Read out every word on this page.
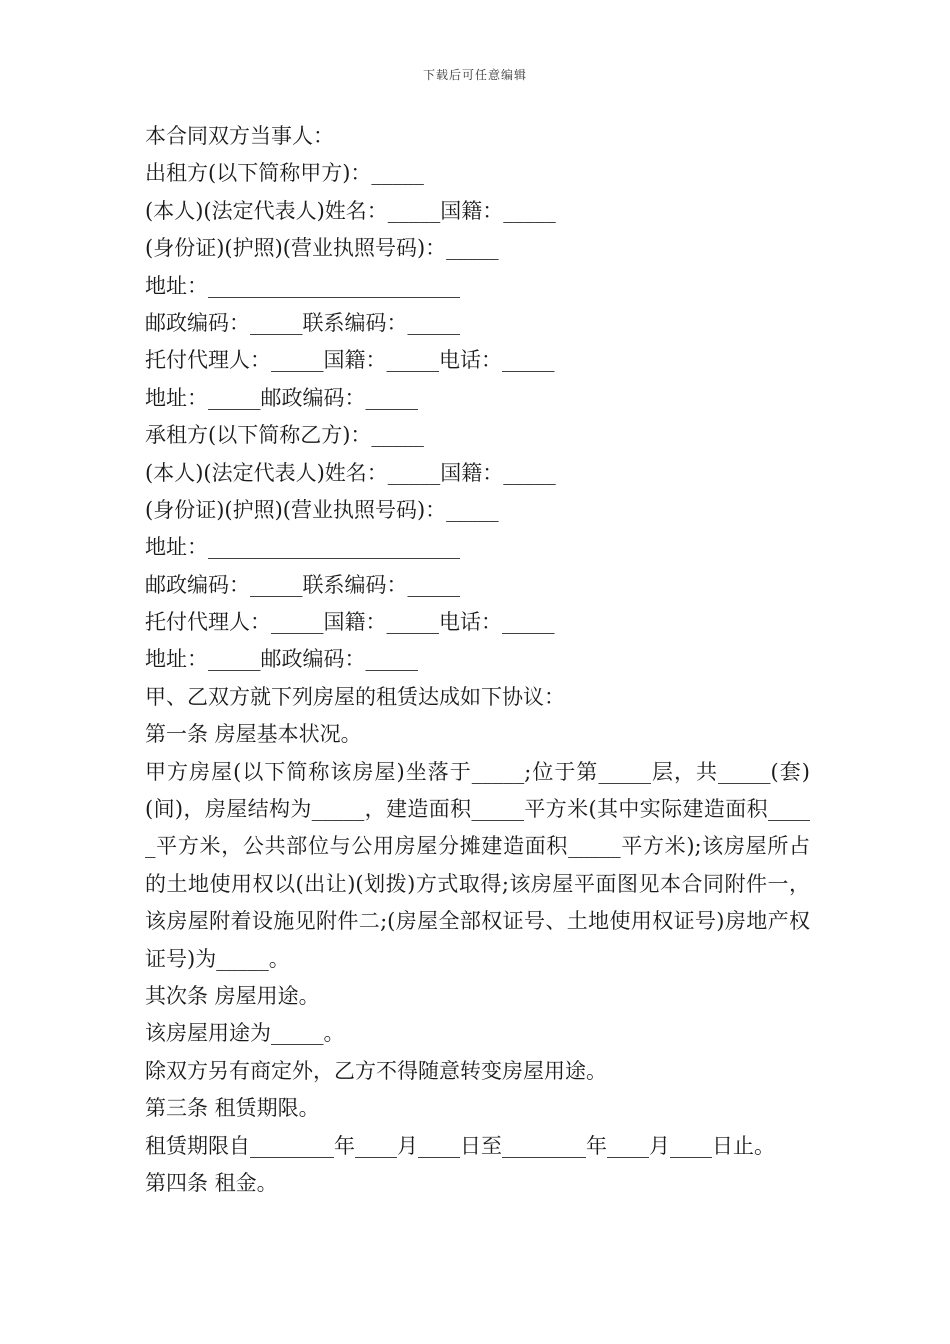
下载后可任意编辑
本合同双方当事人：
出租方(以下简称甲方)：_____
(本人)(法定代表人)姓名：_____国籍：_____
(身份证)(护照)(营业执照号码)：_____
地址：________________________
邮政编码：_____联系编码：_____
托付代理人：_____国籍：_____电话：_____
地址：_____邮政编码：_____
承租方(以下简称乙方)：_____
(本人)(法定代表人)姓名：_____国籍：_____
(身份证)(护照)(营业执照号码)：_____
地址：________________________
邮政编码：_____联系编码：_____
托付代理人：_____国籍：_____电话：_____
地址：_____邮政编码：_____
甲、乙双方就下列房屋的租赁达成如下协议：
第一条 房屋基本状况。
甲方房屋(以下简称该房屋)坐落于_____;位于第_____层，共_____(套)(间)，房屋结构为_____，建造面积_____平方米(其中实际建造面积_____平方米，公共部位与公用房屋分摊建造面积_____平方米);该房屋所占的土地使用权以(出让)(划拨)方式取得;该房屋平面图见本合同附件一，该房屋附着设施见附件二;(房屋全部权证号、土地使用权证号)房地产权证号)为_____。
其次条 房屋用途。
该房屋用途为_____。
除双方另有商定外，乙方不得随意转变房屋用途。
第三条 租赁期限。
租赁期限自________年____月____日至________年____月____日止。
第四条 租金。
